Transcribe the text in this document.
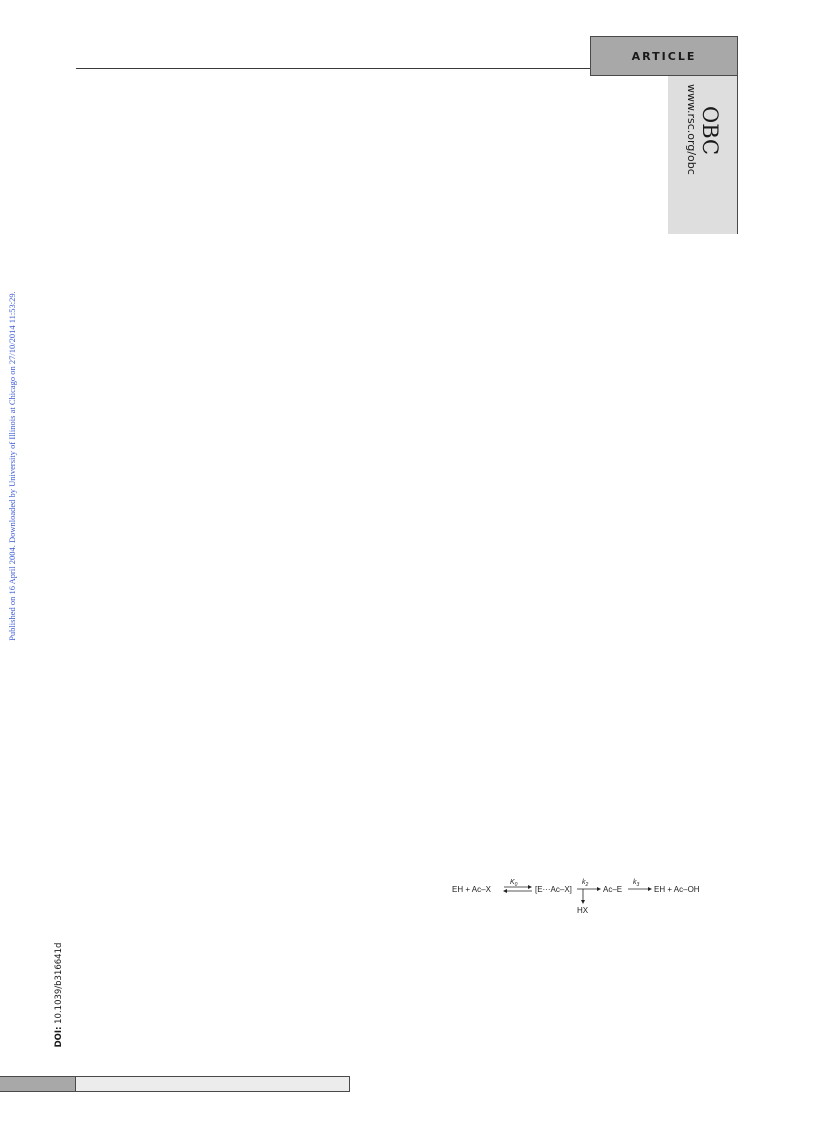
ARTICLE
OBC
www.rsc.org/obc
Published on 16 April 2004. Downloaded by University of Illinois at Chicago on 27/10/2014 11:53:29.
DOI: 10.1039/b316641d
EH + Ac–X
$K_0$ [E···Ac–X]
$k_2$
HX
Ac–E
$k_3$ EH + Ac–OH
